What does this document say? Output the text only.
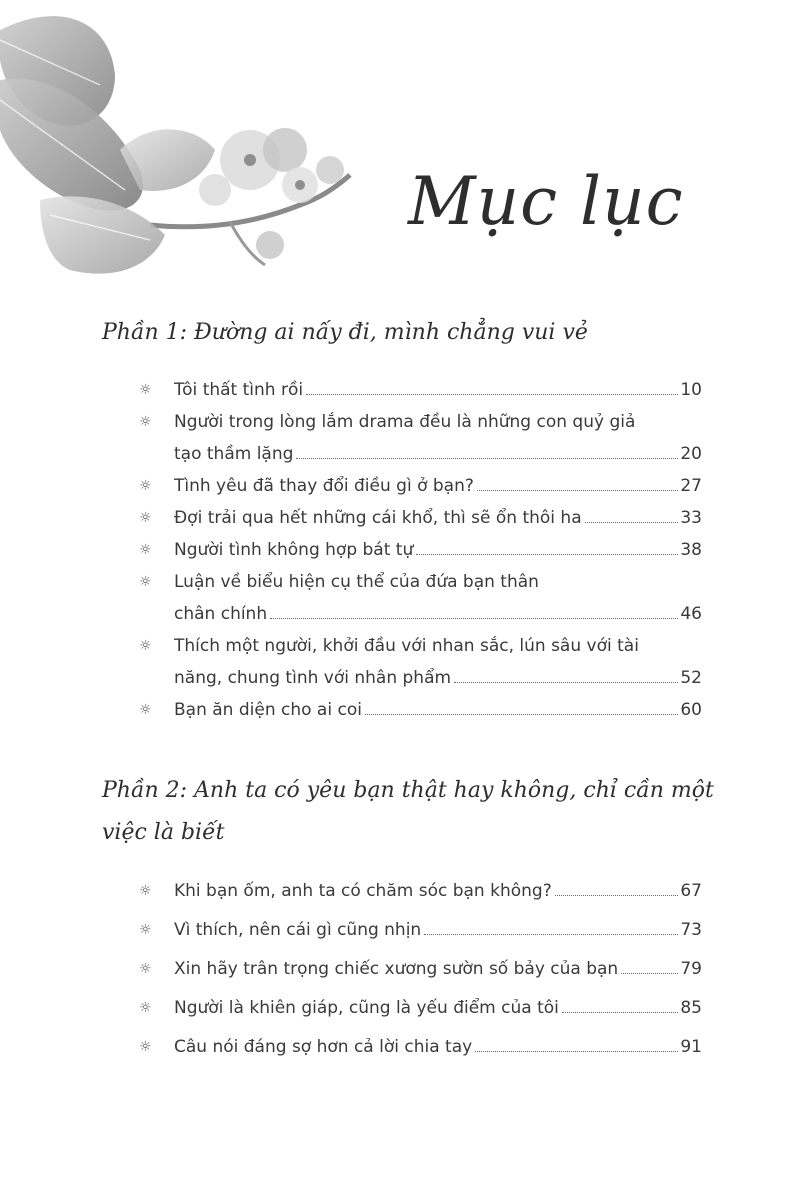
Mục lục
Phần 1: Đường ai nấy đi, mình chẳng vui vẻ
☼ Tôi thất tình rồi	10
☼ Người trong lòng lắm drama đều là những con quỷ giả
tạo thầm lặng	20
☼ Tình yêu đã thay đổi điều gì ở bạn?	27
☼ Đợi trải qua hết những cái khổ, thì sẽ ổn thôi ha	33
☼ Người tình không hợp bát tự	38
☼ Luận về biểu hiện cụ thể của đứa bạn thân
chân chính	46
☼ Thích một người, khởi đầu với nhan sắc, lún sâu với tài
năng, chung tình với nhân phẩm	52
☼ Bạn ăn diện cho ai coi	60
Phần 2: Anh ta có yêu bạn thật hay không, chỉ cần một
việc là biết
☼ Khi bạn ốm, anh ta có chăm sóc bạn không?	67
☼ Vì thích, nên cái gì cũng nhịn	73
☼ Xin hãy trân trọng chiếc xương sườn số bảy của bạn	79
☼ Người là khiên giáp, cũng là yếu điểm của tôi	85
☼ Câu nói đáng sợ hơn cả lời chia tay	91
